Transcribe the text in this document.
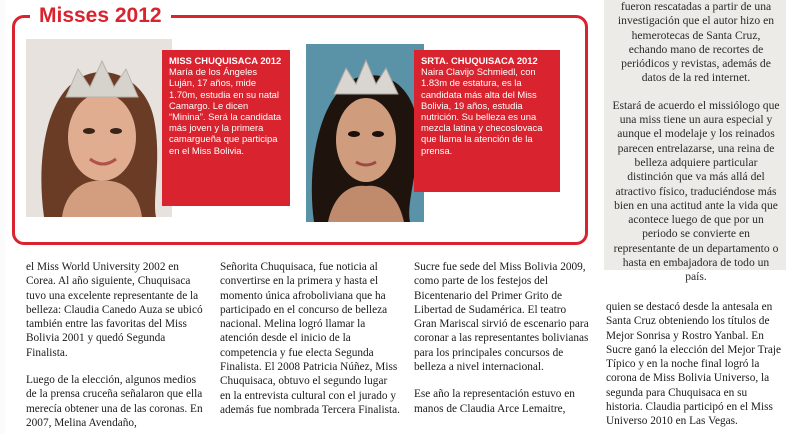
Misses 2012
MISS CHUQUISACA 2012 María de los Ángeles Luján, 17 años, mide 1.70m, estudia en su natal Camargo. Le dicen “Minina”. Será la candidata más joven y la primera camargueña que participa en el Miss Bolivia.
SRTA. CHUQUISACA 2012 Naira Clavijo Schmiedl, con 1.83m de estatura, es la candidata más alta del Miss Bolivia, 19 años, estudia nutrición. Su belleza es una mezcla latina y checoslovaca que llama la atención de la prensa.

fueron rescatadas a partir de una investigación que el autor hizo en hemerotecas de Santa Cruz, echando mano de recortes de periódicos y revistas, además de datos de la red internet.

Estará de acuerdo el missiólogo que una miss tiene un aura especial y aunque el modelaje y los reinados parecen entrelazarse, una reina de belleza adquiere particular distinción que va más allá del atractivo físico, traduciéndose más bien en una actitud ante la vida que acontece luego de que por un periodo se convierte en representante de un departamento o hasta en embajadora de todo un país.

el Miss World University 2002 en Corea. Al año siguiente, Chuquisaca tuvo una excelente representante de la belleza: Claudia Canedo Auza se ubicó también entre las favoritas del Miss Bolivia 2001 y quedó Segunda Finalista.

Luego de la elección, algunos medios de la prensa cruceña señalaron que ella merecía obtener una de las coronas. En 2007, Melina Avendaño,

Señorita Chuquisaca, fue noticia al convertirse en la primera y hasta el momento única afroboliviana que ha participado en el concurso de belleza nacional. Melina logró llamar la atención desde el inicio de la competencia y fue electa Segunda Finalista. El 2008 Patricia Núñez, Miss Chuquisaca, obtuvo el segundo lugar en la entrevista cultural con el jurado y además fue nombrada Tercera Finalista.

Sucre fue sede del Miss Bolivia 2009, como parte de los festejos del Bicentenario del Primer Grito de Libertad de Sudamérica. El teatro Gran Mariscal sirvió de escenario para coronar a las representantes bolivianas para los principales concursos de belleza a nivel internacional.

Ese año la representación estuvo en manos de Claudia Arce Lemaitre,

quien se destacó desde la antesala en Santa Cruz obteniendo los títulos de Mejor Sonrisa y Rostro Yanbal. En Sucre ganó la elección del Mejor Traje Típico y en la noche final logró la corona de Miss Bolivia Universo, la segunda para Chuquisaca en su historia. Claudia participó en el Miss Universo 2010 en Las Vegas.
